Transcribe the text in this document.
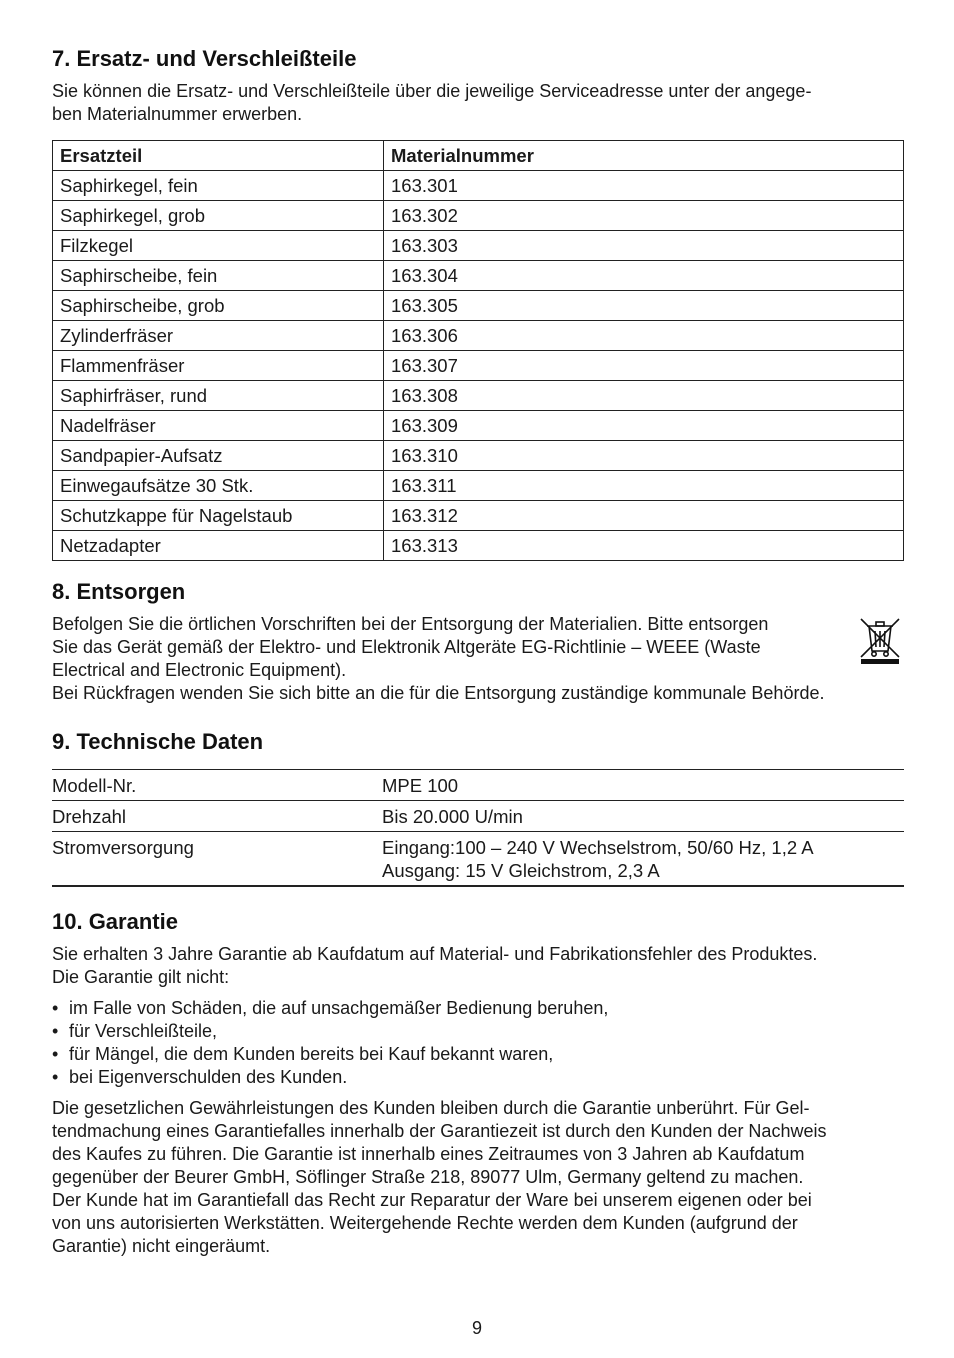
7. Ersatz- und Verschleißteile

Sie können die Ersatz- und Verschleißteile über die jeweilige Serviceadresse unter der angege-

ben Materialnummer erwerben.

Ersatzteil	Materialnummer
Saphirkegel, fein	163.301
Saphirkegel, grob	163.302
Filzkegel	163.303
Saphirscheibe, fein	163.304
Saphirscheibe, grob	163.305
Zylinderfräser	163.306
Flammenfräser	163.307
Saphirfräser, rund	163.308
Nadelfräser	163.309
Sandpapier-Aufsatz	163.310
Einwegaufsätze 30 Stk.	163.311
Schutzkappe für Nagelstaub	163.312
Netzadapter	163.313
8. Entsorgen

Befolgen Sie die örtlichen Vorschriften bei der Entsorgung der Materialien. Bitte entsorgen

Sie das Gerät gemäß der Elektro- und Elektronik Altgeräte EG-Richtlinie – WEEE (Waste

Electrical and Electronic Equipment).

Bei Rückfragen wenden Sie sich bitte an die für die Entsorgung zuständige kommunale Behörde.

9. Technische Daten
Modell-Nr.	MPE 100
Drehzahl	Bis 20.000 U/min
Stromversorgung	Eingang:100 – 240 V Wechselstrom, 50/60 Hz, 1,2 A
Ausgang: 15 V Gleichstrom, 2,3 A
10. Garantie

Sie erhalten 3 Jahre Garantie ab Kaufdatum auf Material- und Fabrikationsfehler des Produktes.

Die Garantie gilt nicht:

• im Falle von Schäden, die auf unsachgemäßer Bedienung beruhen,
• für Verschleißteile,
• für Mängel, die dem Kunden bereits bei Kauf bekannt waren,
• bei Eigenverschulden des Kunden.

Die gesetzlichen Gewährleistungen des Kunden bleiben durch die Garantie unberührt. Für Gel-

tendmachung eines Garantiefalles innerhalb der Garantiezeit ist durch den Kunden der Nachweis

des Kaufes zu führen. Die Garantie ist innerhalb eines Zeitraumes von 3 Jahren ab Kaufdatum

gegenüber der Beurer GmbH, Söflinger Straße 218, 89077 Ulm, Germany geltend zu machen.

Der Kunde hat im Garantiefall das Recht zur Reparatur der Ware bei unserem eigenen oder bei

von uns autorisierten Werkstätten. Weitergehende Rechte werden dem Kunden (aufgrund der

Garantie) nicht eingeräumt.

9
